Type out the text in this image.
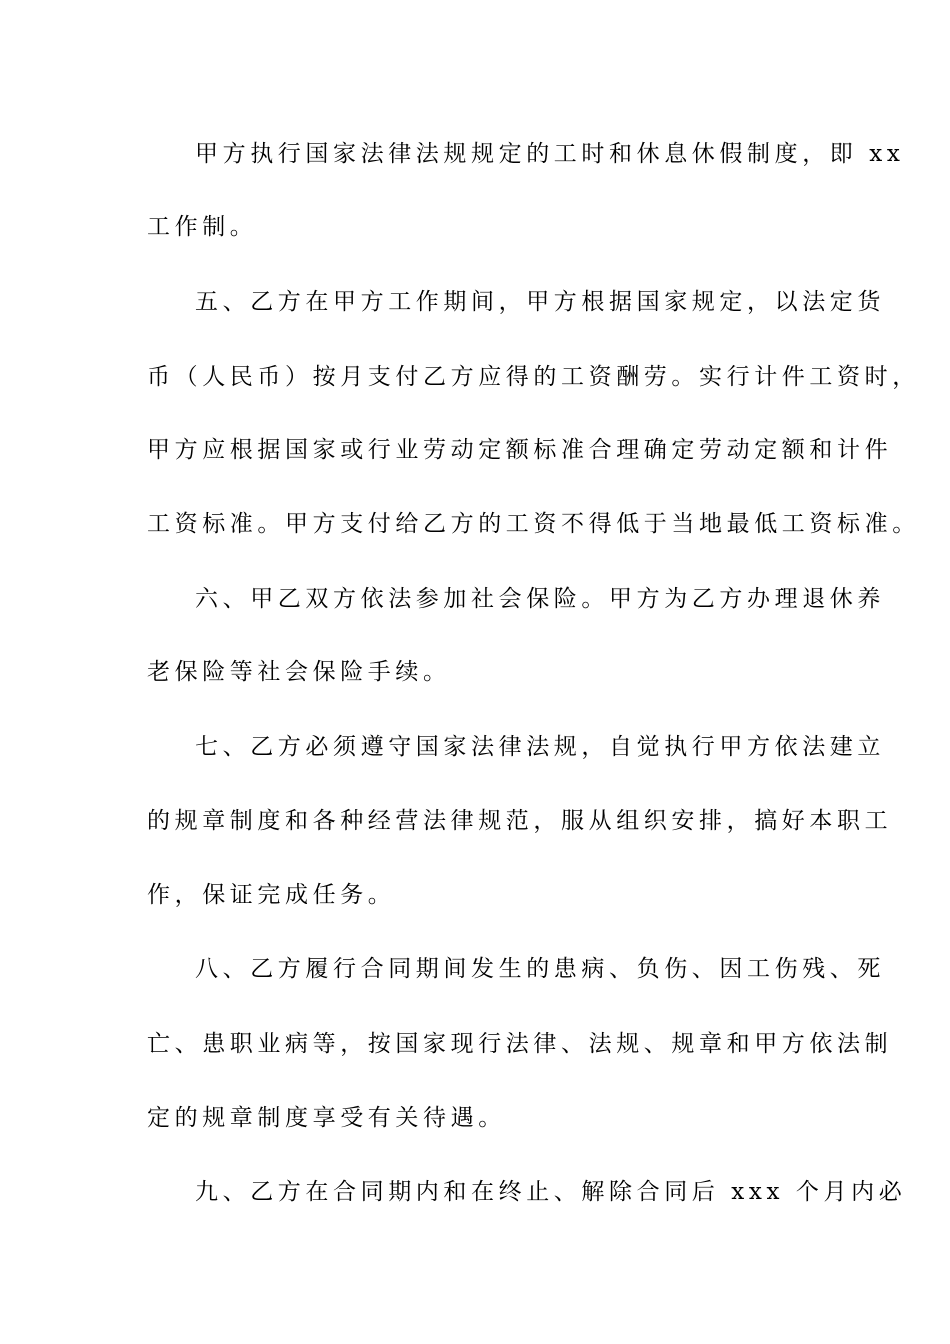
甲方执行国家法律法规规定的工时和休息休假制度，即 xx
工作制。
五、乙方在甲方工作期间，甲方根据国家规定，以法定货
币（人民币）按月支付乙方应得的工资酬劳。实行计件工资时，
甲方应根据国家或行业劳动定额标准合理确定劳动定额和计件
工资标准。甲方支付给乙方的工资不得低于当地最低工资标准。
六、甲乙双方依法参加社会保险。甲方为乙方办理退休养
老保险等社会保险手续。
七、乙方必须遵守国家法律法规，自觉执行甲方依法建立
的规章制度和各种经营法律规范，服从组织安排，搞好本职工
作，保证完成任务。
八、乙方履行合同期间发生的患病、负伤、因工伤残、死
亡、患职业病等，按国家现行法律、法规、规章和甲方依法制
定的规章制度享受有关待遇。
九、乙方在合同期内和在终止、解除合同后 xxx 个月内必
